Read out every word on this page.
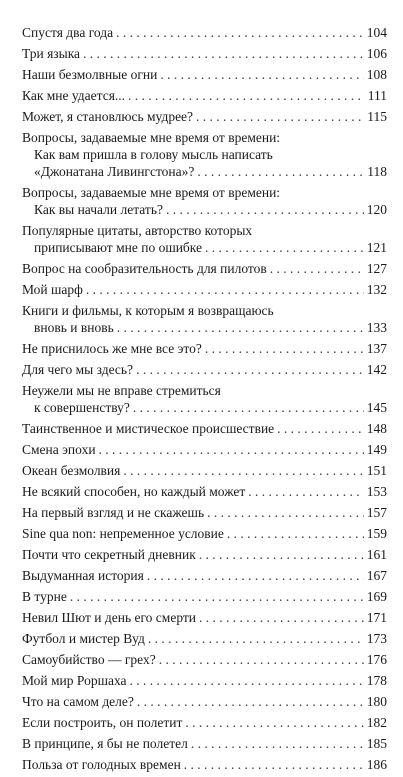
Спустя два года . . .	104
Три языка . . .	106
Наши безмолвные огни . . .	108
Как мне удается... . . .	111
Может, я становлюсь мудрее? . . .	115
Вопросы, задаваемые мне время от времени:
Как вам пришла в голову мысль написать
«Джонатана Ливингстона»? . . .	118
Вопросы, задаваемые мне время от времени:
Как вы начали летать? . . .	120
Популярные цитаты, авторство которых
приписывают мне по ошибке . . .	121
Вопрос на сообразительность для пилотов . . .	127
Мой шарф . . .	132
Книги и фильмы, к которым я возвращаюсь
вновь и вновь . . .	133
Не приснилось же мне все это? . . .	137
Для чего мы здесь? . . .	142
Неужели мы не вправе стремиться
к совершенству? . . .	145
Таинственное и мистическое происшествие . . .	148
Смена эпохи . . .	149
Океан безмолвия . . .	151
Не всякий способен, но каждый может . . .	153
На первый взгляд и не скажешь . . .	157
Sine qua non: непременное условие . . .	159
Почти что секретный дневник . . .	161
Выдуманная история . . .	167
В турне . . .	169
Невил Шют и день его смерти . . .	171
Футбол и мистер Вуд . . .	173
Самоубийство — грех? . . .	176
Мой мир Роршаха . . .	178
Что на самом деле? . . .	180
Если построить, он полетит . . .	182
В принципе, я бы не полетел . . .	185
Польза от голодных времен . . .	186
